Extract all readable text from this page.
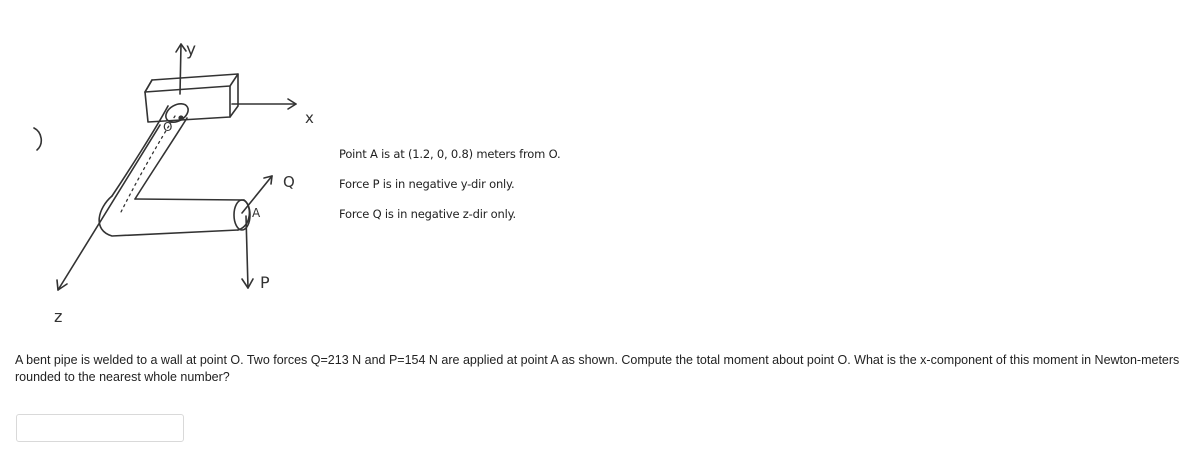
y
x
z
O
A
Q
P
Point A is at (1.2, 0, 0.8) meters from O.
Force P is in negative y-dir only.
Force Q is in negative z-dir only.
A bent pipe is welded to a wall at point O. Two forces Q=213 N and P=154 N are applied at point A as shown. Compute the total moment about point O. What is the x-component of this moment in Newton-meters rounded to the nearest whole number?
